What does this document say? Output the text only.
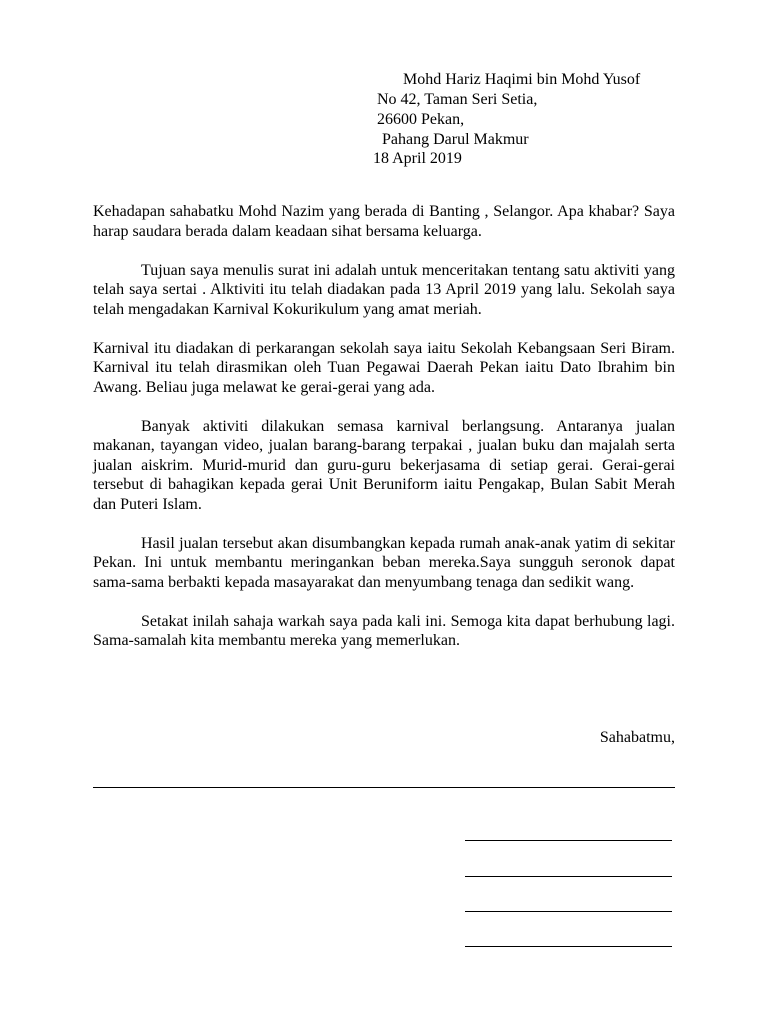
Mohd Hariz Haqimi bin Mohd Yusof
No 42, Taman Seri Setia,
26600 Pekan,
Pahang Darul Makmur
18 April 2019

Kehadapan sahabatku Mohd Nazim yang berada di Banting , Selangor. Apa khabar? Saya harap saudara berada dalam keadaan sihat bersama keluarga.

Tujuan saya menulis surat ini adalah untuk menceritakan tentang satu aktiviti yang telah saya sertai . Alktiviti itu telah diadakan pada 13 April 2019 yang lalu. Sekolah saya telah mengadakan Karnival Kokurikulum yang amat meriah.

Karnival itu diadakan di perkarangan sekolah saya iaitu Sekolah Kebangsaan Seri Biram. Karnival itu telah dirasmikan oleh Tuan Pegawai Daerah Pekan iaitu Dato Ibrahim bin Awang. Beliau juga melawat ke gerai-gerai yang ada.

Banyak aktiviti dilakukan semasa karnival berlangsung. Antaranya jualan makanan, tayangan video, jualan barang-barang terpakai , jualan buku dan majalah serta jualan aiskrim. Murid-murid dan guru-guru bekerjasama di setiap gerai. Gerai-gerai tersebut di bahagikan kepada gerai Unit Beruniform iaitu Pengakap, Bulan Sabit Merah dan Puteri Islam.

Hasil jualan tersebut akan disumbangkan kepada rumah anak-anak yatim di sekitar Pekan. Ini untuk membantu meringankan beban mereka.Saya sungguh seronok dapat sama-sama berbakti kepada masayarakat dan menyumbang tenaga dan sedikit wang.

Setakat inilah sahaja warkah saya pada kali ini. Semoga kita dapat berhubung lagi. Sama-samalah kita membantu mereka yang memerlukan.

Sahabatmu,
